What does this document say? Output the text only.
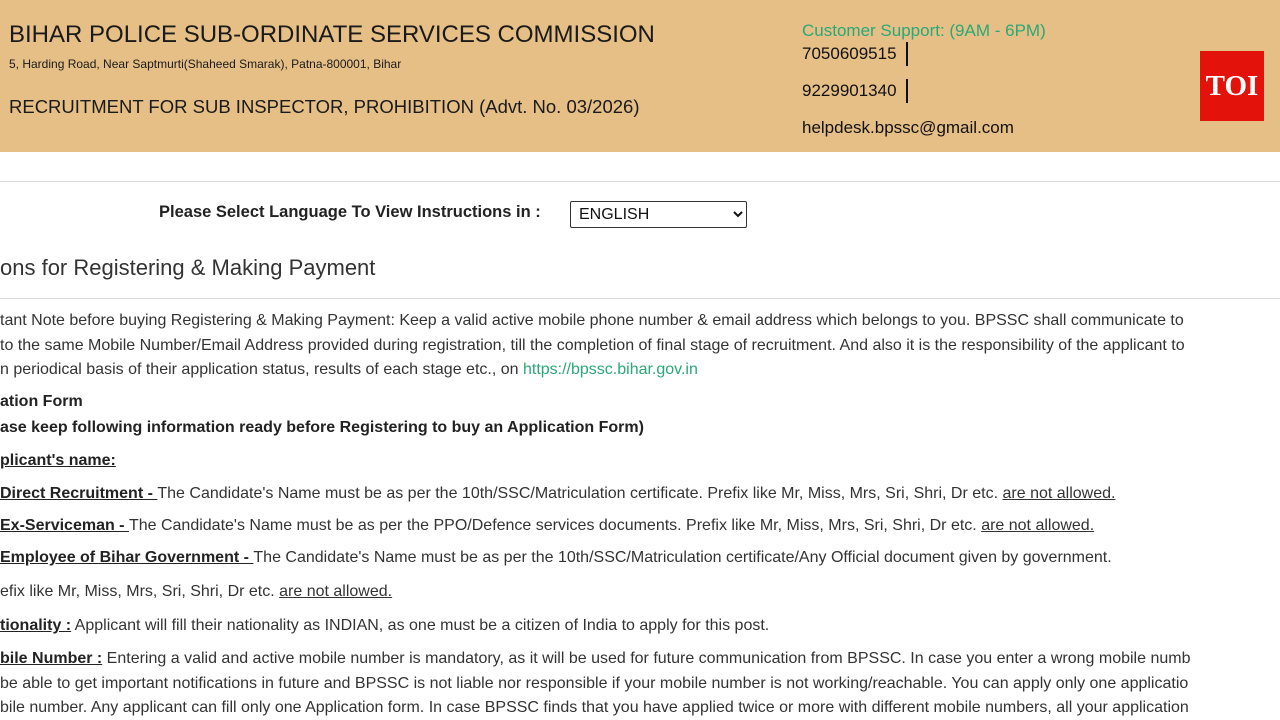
BIHAR POLICE SUB-ORDINATE SERVICES COMMISSION
5, Harding Road, Near Saptmurti(Shaheed Smarak), Patna-800001, Bihar
RECRUITMENT FOR SUB INSPECTOR, PROHIBITION (Advt. No. 03/2026)
Customer Support: (9AM - 6PM)
7050609515
9229901340
helpdesk.bpssc@gmail.com
TOI
Please Select Language To View Instructions in :
ENGLISH
ons for Registering & Making Payment
tant Note before buying Registering & Making Payment: Keep a valid active mobile phone number & email address which belongs to you. BPSSC shall communicate to
to the same Mobile Number/Email Address provided during registration, till the completion of final stage of recruitment. And also it is the responsibility of the applicant to
n periodical basis of their application status, results of each stage etc., on https://bpssc.bihar.gov.in
ation Form
ase keep following information ready before Registering to buy an Application Form)
plicant's name:
Direct Recruitment - The Candidate's Name must be as per the 10th/SSC/Matriculation certificate. Prefix like Mr, Miss, Mrs, Sri, Shri, Dr etc. are not allowed.
Ex-Serviceman - The Candidate's Name must be as per the PPO/Defence services documents. Prefix like Mr, Miss, Mrs, Sri, Shri, Dr etc. are not allowed.
Employee of Bihar Government - The Candidate's Name must be as per the 10th/SSC/Matriculation certificate/Any Official document given by government.
efix like Mr, Miss, Mrs, Sri, Shri, Dr etc. are not allowed.
tionality : Applicant will fill their nationality as INDIAN, as one must be a citizen of India to apply for this post.
bile Number : Entering a valid and active mobile number is mandatory, as it will be used for future communication from BPSSC. In case you enter a wrong mobile numb
be able to get important notifications in future and BPSSC is not liable nor responsible if your mobile number is not working/reachable. You can apply only one applicatio
bile number. Any applicant can fill only one Application form. In case BPSSC finds that you have applied twice or more with different mobile numbers, all your application
